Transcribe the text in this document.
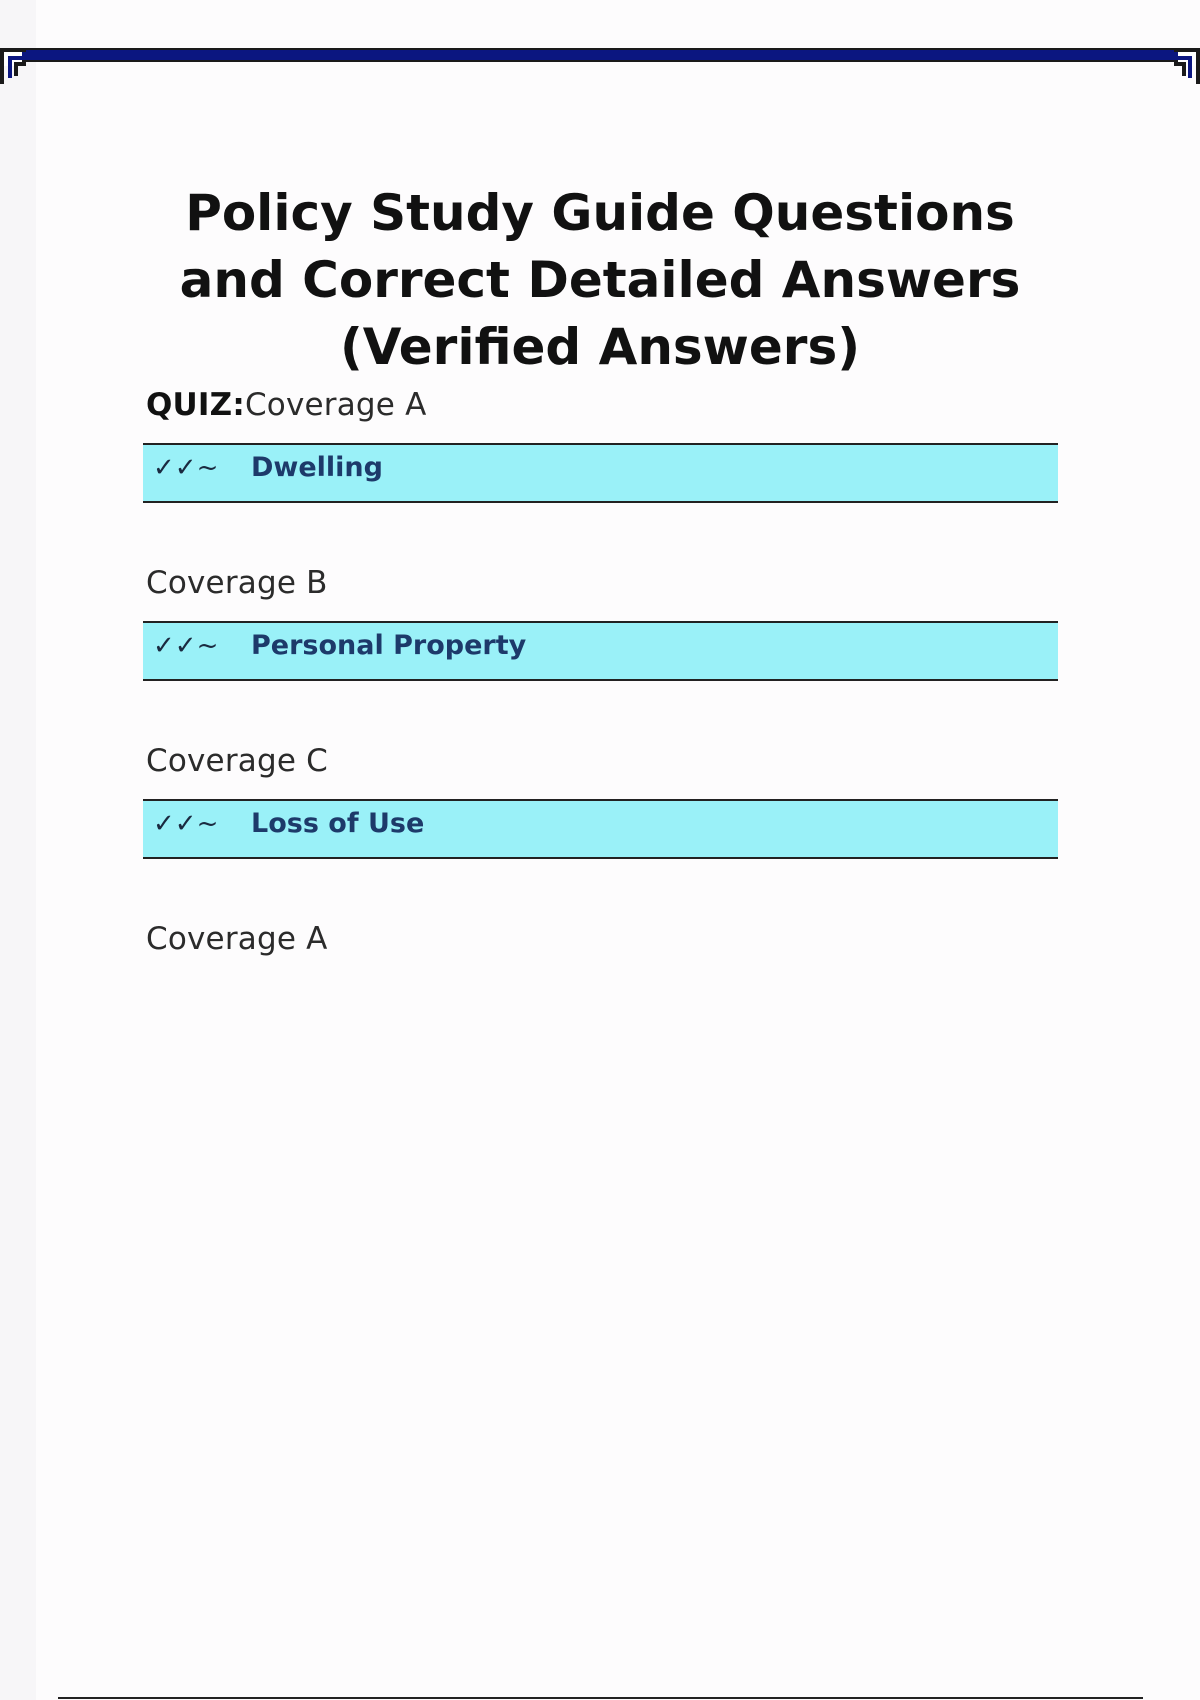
Policy Study Guide Questions and Correct Detailed Answers (Verified Answers)
QUIZ:Coverage A
✓✓~ Dwelling
Coverage B
✓✓~ Personal Property
Coverage C
✓✓~ Loss of Use
Coverage A
